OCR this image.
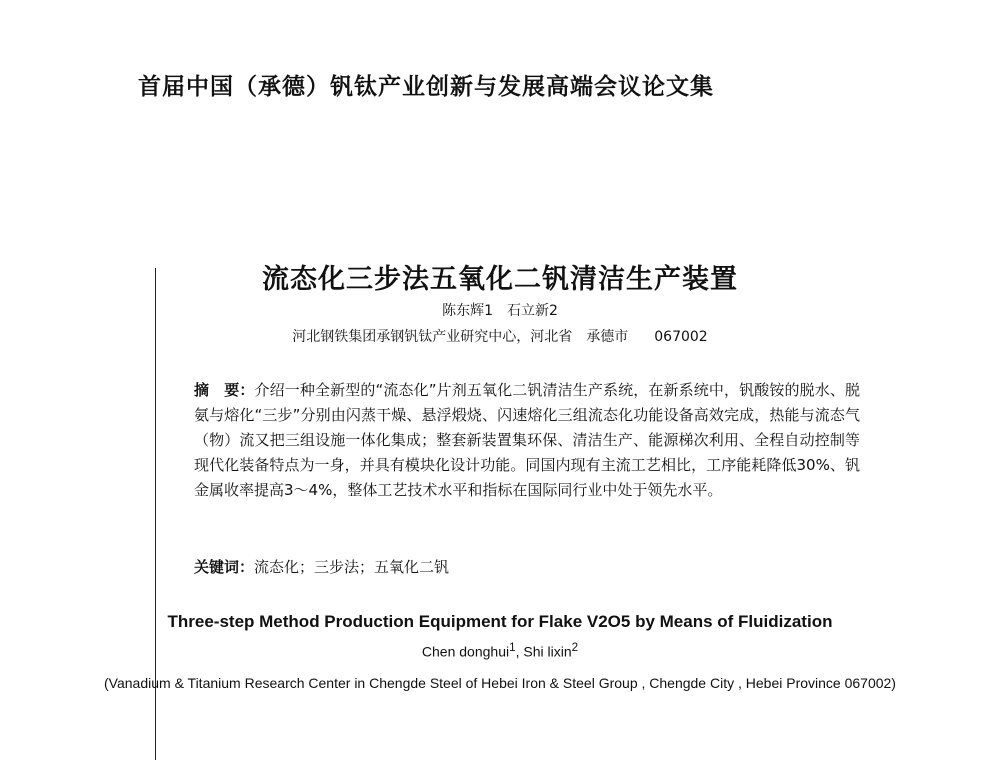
首届中国（承德）钒钛产业创新与发展高端会议论文集
流态化三步法五氧化二钒清洁生产装置
陈东辉1　石立新2
河北钢铁集团承钢钒钛产业研究中心，河北省　承德市 067002
摘　要：介绍一种全新型的“流态化”片剂五氧化二钒清洁生产系统，在新系统中，钒酸铵的脱水、脱氨与熔化“三步”分别由闪蒸干燥、悬浮煅烧、闪速熔化三组流态化功能设备高效完成，热能与流态气（物）流又把三组设施一体化集成；整套新装置集环保、清洁生产、能源梯次利用、全程自动控制等现代化装备特点为一身，并具有模块化设计功能。同国内现有主流工艺相比，工序能耗降低30%、钒金属收率提高3～4%，整体工艺技术水平和指标在国际同行业中处于领先水平。
关键词：流态化；三步法；五氧化二钒
Three-step Method Production Equipment for Flake V2O5 by Means of Fluidization
Chen donghui$^1$, Shi lixin$^2$
(Vanadium & Titanium Research Center in Chengde Steel of Hebei Iron & Steel Group , Chengde City , Hebei Province 067002)
